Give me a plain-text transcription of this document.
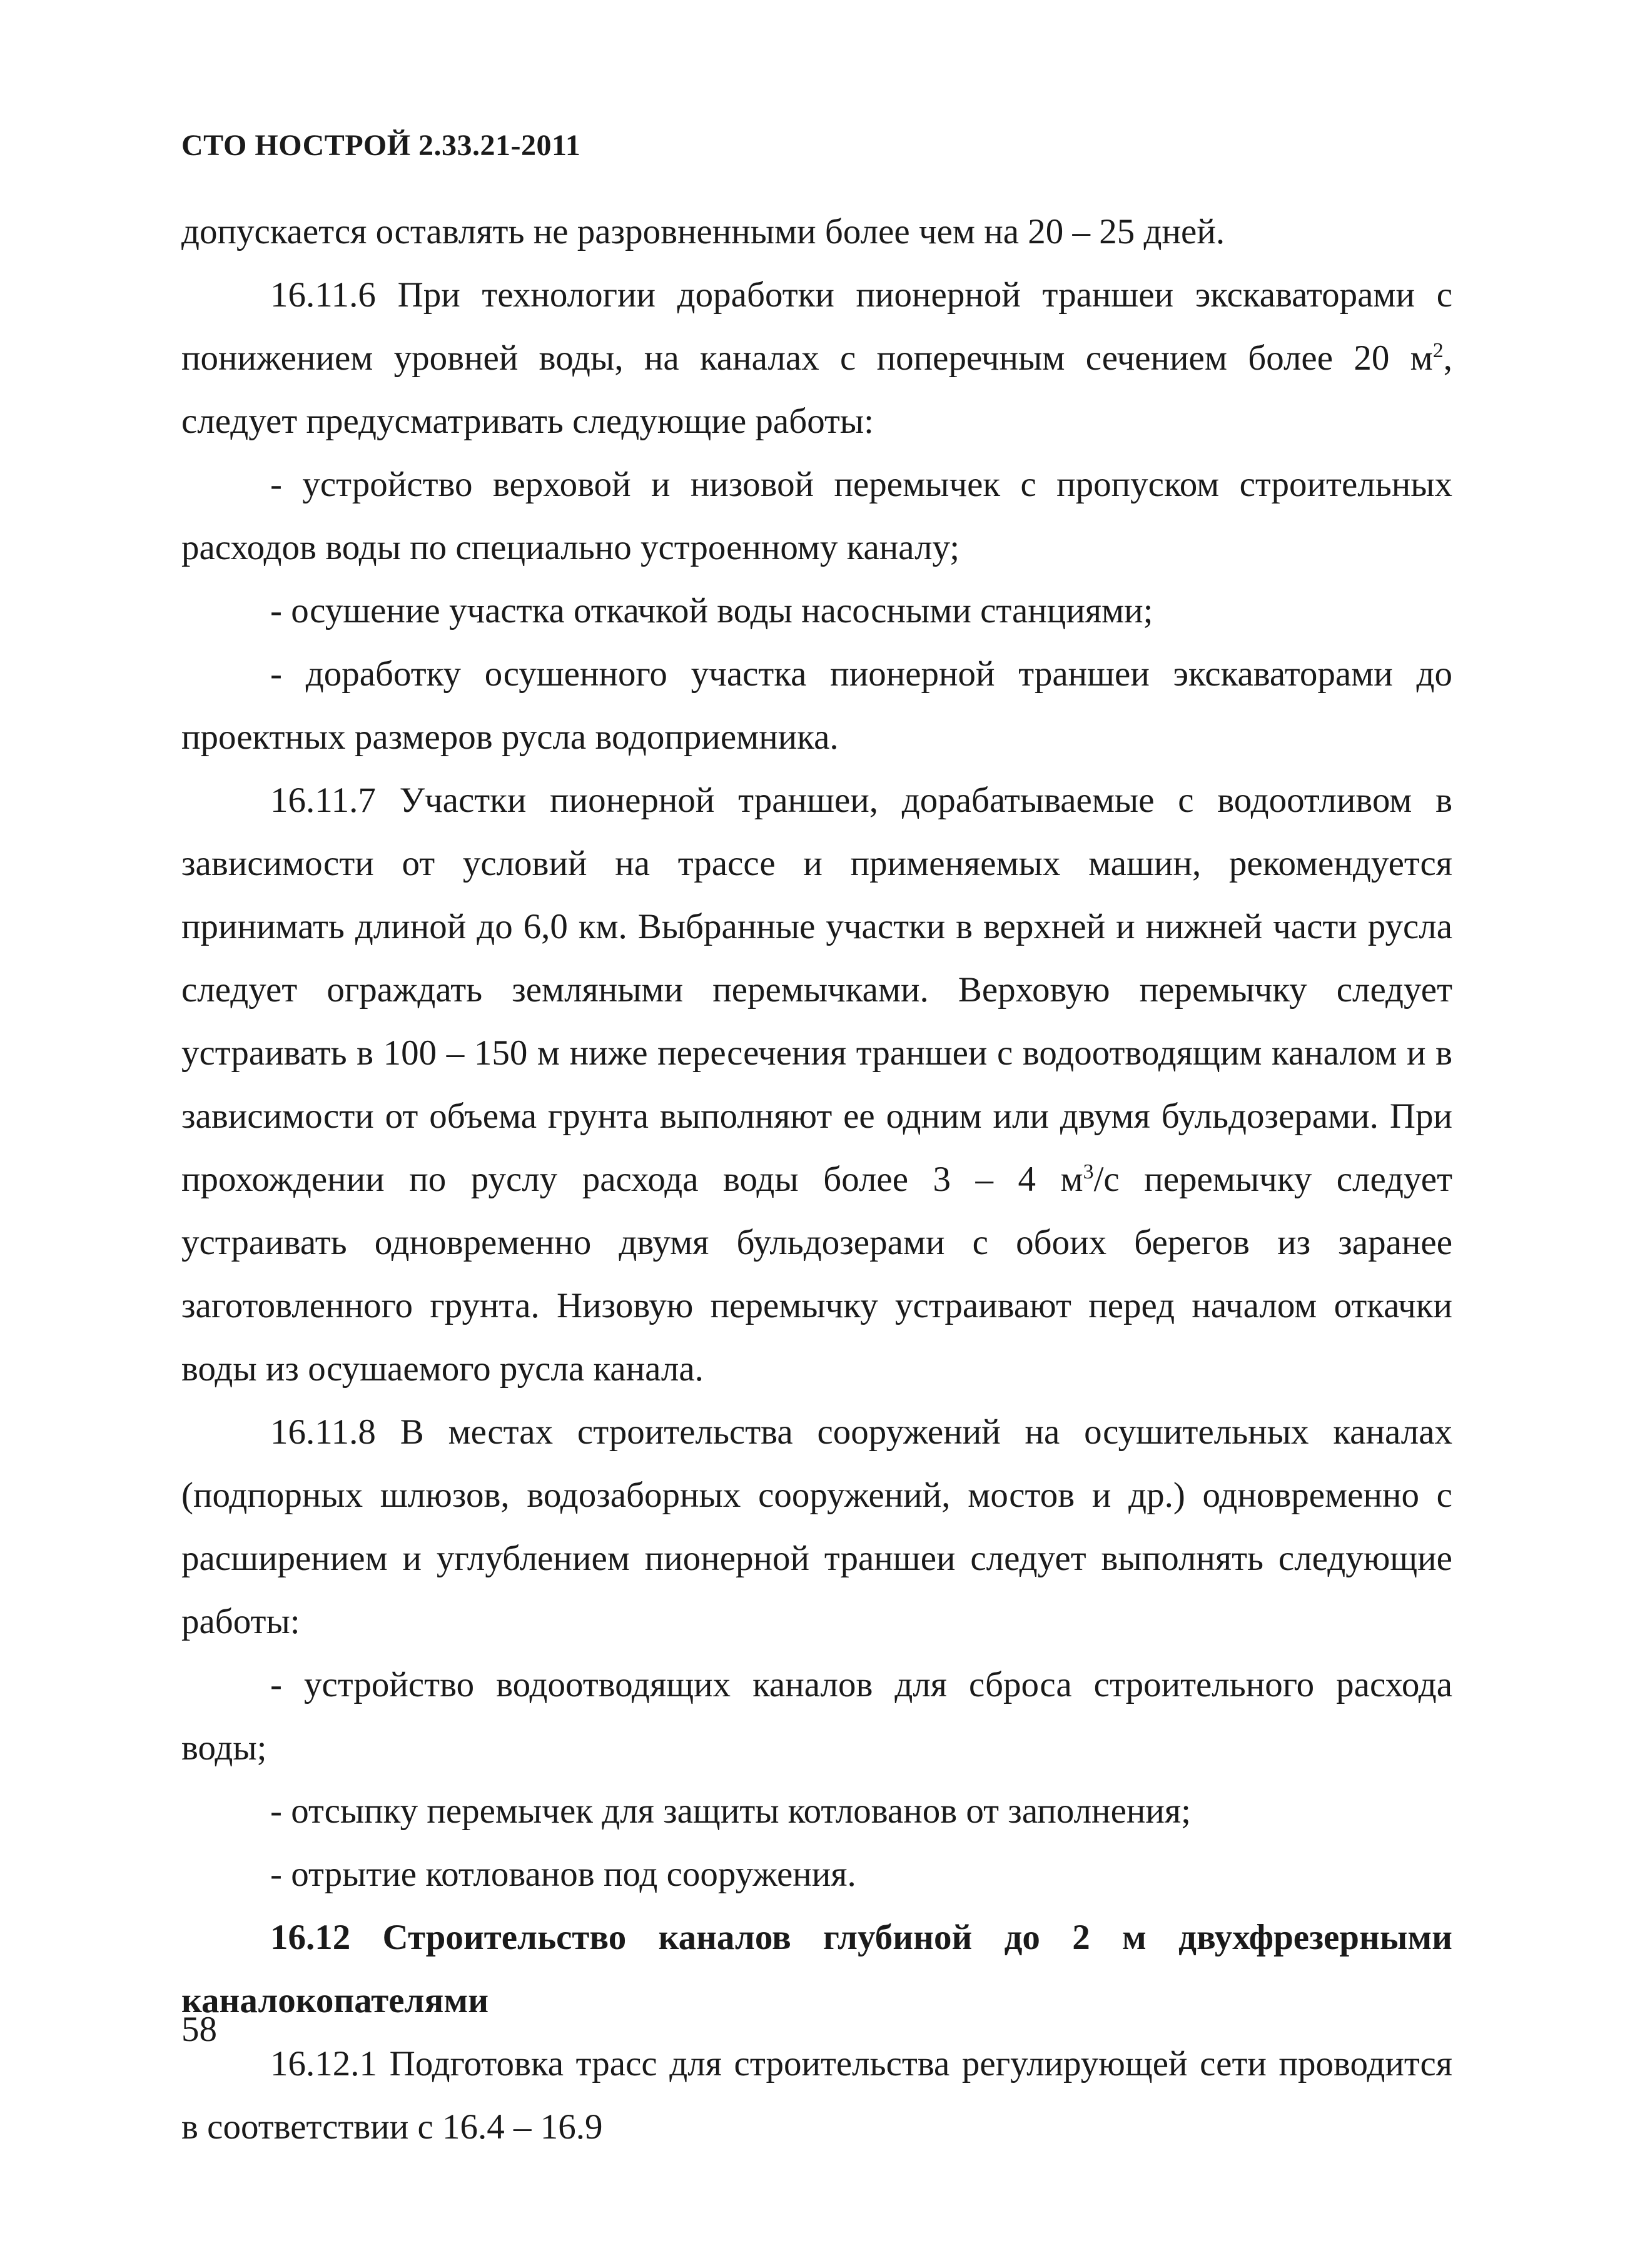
СТО НОСТРОЙ 2.33.21-2011

допускается оставлять не разровненными более чем на 20 – 25 дней.

16.11.6 При технологии доработки пионерной траншеи экскаваторами с понижением уровней воды, на каналах с поперечным сечением более 20 $м^2$, следует предусматривать следующие работы:

- устройство верховой и низовой перемычек с пропуском строительных расходов воды по специально устроенному каналу;

- осушение участка откачкой воды насосными станциями;

- доработку осушенного участка пионерной траншеи экскаваторами до проектных размеров русла водоприемника.

16.11.7 Участки пионерной траншеи, дорабатываемые с водоотливом в зависимости от условий на трассе и применяемых машин, рекомендуется принимать длиной до 6,0 км. Выбранные участки в верхней и нижней части русла следует ограждать земляными перемычками. Верховую перемычку следует устраивать в 100 – 150 м ниже пересечения траншеи с водоотводящим каналом и в зависимости от объема грунта выполняют ее одним или двумя бульдозерами. При прохождении по руслу расхода воды более 3 – 4 $м^3/с$ перемычку следует устраивать одновременно двумя бульдозерами с обоих берегов из заранее заготовленного грунта. Низовую перемычку устраивают перед началом откачки воды из осушаемого русла канала.

16.11.8 В местах строительства сооружений на осушительных каналах (подпорных шлюзов, водозаборных сооружений, мостов и др.) одновременно с расширением и углублением пионерной траншеи следует выполнять следующие работы:

- устройство водоотводящих каналов для сброса строительного расхода воды;

- отсыпку перемычек для защиты котлованов от заполнения;

- отрытие котлованов под сооружения.

16.12 Строительство каналов глубиной до 2 м двухфрезерными каналокопателями

16.12.1 Подготовка трасс для строительства регулирующей сети проводится в соответствии с 16.4 – 16.9

58
